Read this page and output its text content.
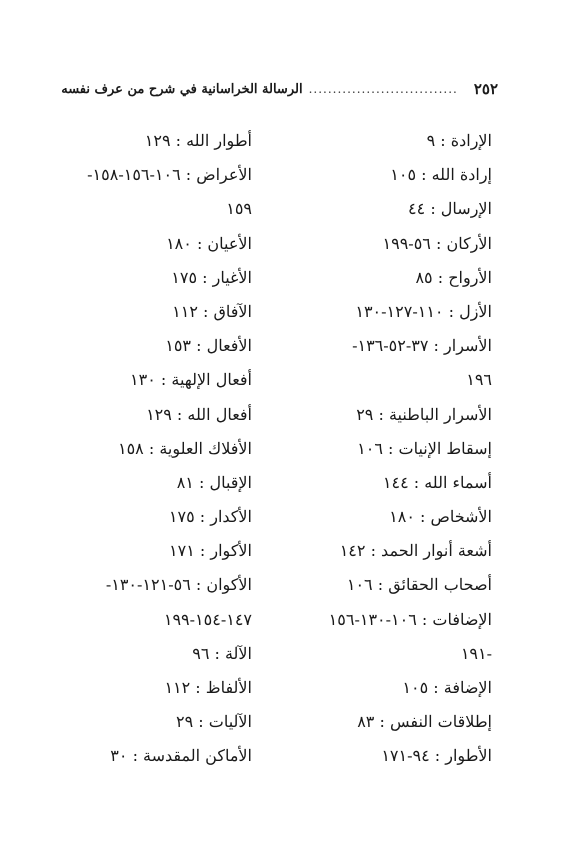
٢٥٢
...............................
الرسالة الخراسانية في شرح من عرف نفسه
الإرادة : ٩
إرادة الله : ١٠٥
الإرسال : ٤٤
الأركان : ٥٦-١٩٩
الأرواح : ٨٥
الأزل : ١١٠-١٢٧-١٣٠
الأسرار : ٣٧-٥٢-١٣٦-
١٩٦
الأسرار الباطنية : ٢٩
إسقاط الإنيات : ١٠٦
أسماء الله : ١٤٤
الأشخاص : ١٨٠
أشعة أنوار الحمد : ١٤٢
أصحاب الحقائق : ١٠٦
الإضافات : ١٠٦-١٣٠-١٥٦
-١٩١
الإضافة : ١٠٥
إطلاقات النفس : ٨٣
الأطوار : ٩٤-١٧١
أطوار الله : ١٢٩
الأعراض : ١٠٦-١٥٦-١٥٨-
١٥٩
الأعيان : ١٨٠
الأغيار : ١٧٥
الآفاق : ١١٢
الأفعال : ١٥٣
أفعال الإلهية : ١٣٠
أفعال الله : ١٢٩
الأفلاك العلوية : ١٥٨
الإقبال : ٨١
الأكدار : ١٧٥
الأكوار : ١٧١
الأكوان : ٥٦-١٢١-١٣٠-
١٤٧-١٥٤-١٩٩
الآلة : ٩٦
الألفاظ : ١١٢
الآليات : ٢٩
الأماكن المقدسة : ٣٠
